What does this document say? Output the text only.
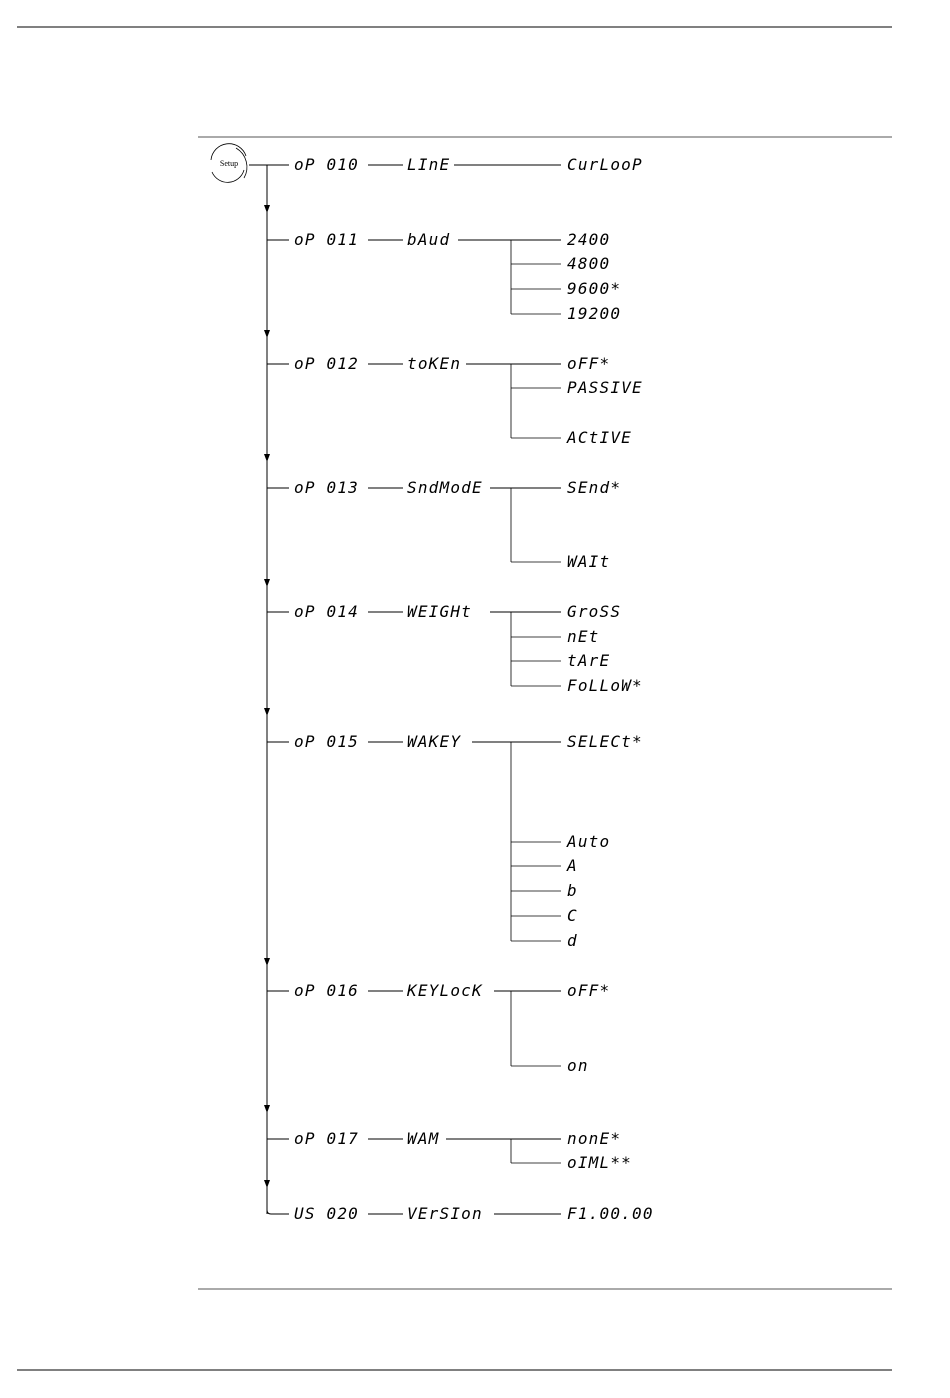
Setup	oP 010	LInE	CurLooP
oP 011	bAud	2400
4800
9600*
19200
oP 012	toKEn	oFF*
PASSIVE
ACtIVE
oP 013	SndModE	SEnd*
WAIt
oP 014	WEIGHt	GroSS
nEt
tArE
FoLLoW*
oP 015	WAKEY	SELECt*
Auto
A
b
C
d
oP 016	KEYLocK	oFF*
on
oP 017	WAM	nonE*
oIML**
US 020	VErSIon	F1.00.00
